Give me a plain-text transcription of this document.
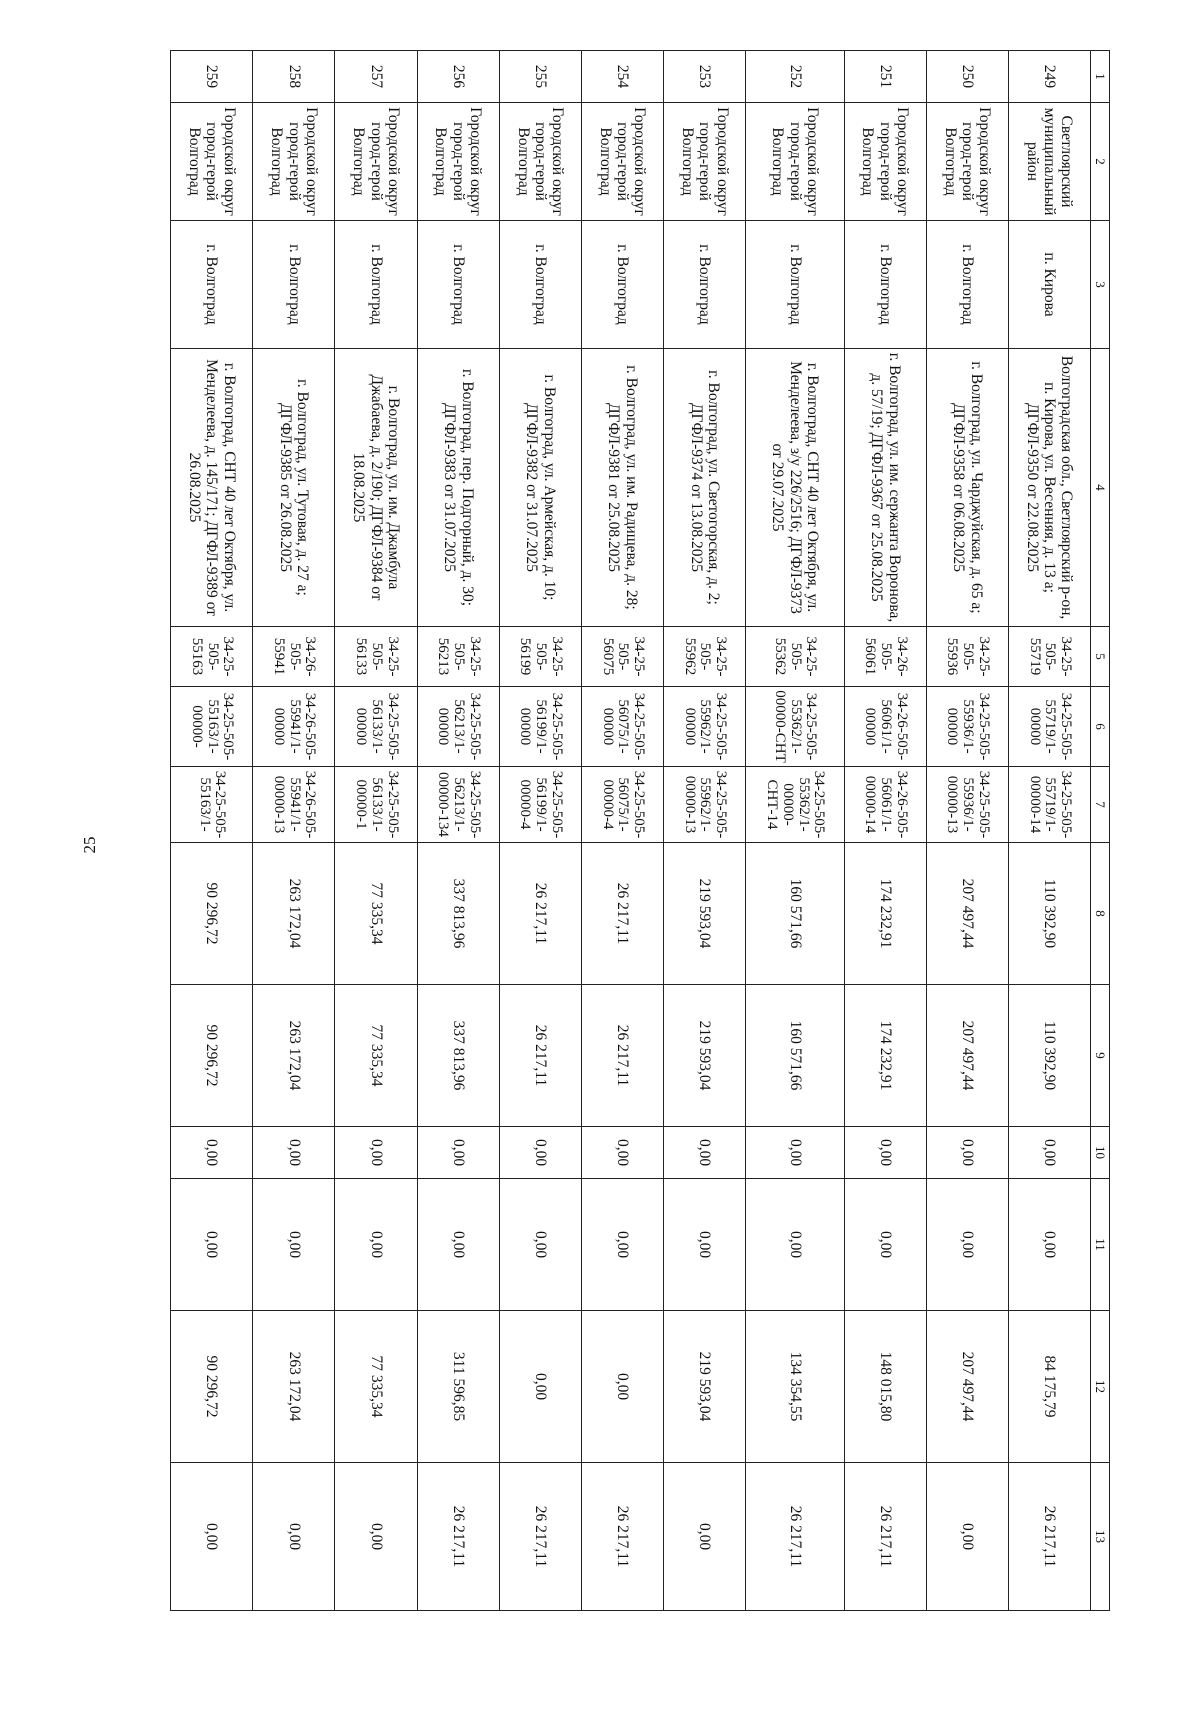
25
1	2	3	4	5	6	7	8	9	10	11	12	13
249	Светлоярский муниципальный район	п. Кирова	Волгоградская обл., Светлоярский р-он, п. Кирова, ул. Весенняя, д. 13 а; ДГФЛ-9350 от 22.08.2025	34-25-505-55719	34-25-505-55719/1-00000	34-25-505-55719/1-00000-14	110 392,90	110 392,90	0,00	0,00	84 175,79	26 217,11
250	Городской округ город-герой Волгоград	г. Волгоград	г. Волгоград, ул. Чарджуйская, д. 65 а; ДГФЛ-9358 от 06.08.2025	34-25-505-55936	34-25-505-55936/1-00000	34-25-505-55936/1-00000-13	207 497,44	207 497,44	0,00	0,00	207 497,44	0,00
251	Городской округ город-герой Волгоград	г. Волгоград	г. Волгоград, ул. им. сержанта Воронова, д. 57/19; ДГФЛ-9367 от 25.08.2025	34-26-505-56061	34-26-505-56061/1-00000	34-26-505-56061/1-00000-14	174 232,91	174 232,91	0,00	0,00	148 015,80	26 217,11
252	Городской округ город-герой Волгоград	г. Волгоград	г. Волгоград, СНТ 40 лет Октября, ул. Менделеева, з/у 226/2516; ДГФЛ-9373 от 29.07.2025	34-25-505-55362	34-25-505-55362/1-00000-СНТ	34-25-505-55362/1-00000-СНТ-14	160 571,66	160 571,66	0,00	0,00	134 354,55	26 217,11
253	Городской округ город-герой Волгоград	г. Волгоград	г. Волгоград, ул. Светогорская, д. 2; ДГФЛ-9374 от 13.08.2025	34-25-505-55962	34-25-505-55962/1-00000	34-25-505-55962/1-00000-13	219 593,04	219 593,04	0,00	0,00	219 593,04	0,00
254	Городской округ город-герой Волгоград	г. Волгоград	г. Волгоград, ул. им. Радищева, д. 28; ДГФЛ-9381 от 25.08.2025	34-25-505-56075	34-25-505-56075/1-00000	34-25-505-56075/1-00000-4	26 217,11	26 217,11	0,00	0,00	0,00	26 217,11
255	Городской округ город-герой Волгоград	г. Волгоград	г. Волгоград, ул. Армейская, д. 10; ДГФЛ-9382 от 31.07.2025	34-25-505-56199	34-25-505-56199/1-00000	34-25-505-56199/1-00000-4	26 217,11	26 217,11	0,00	0,00	0,00	26 217,11
256	Городской округ город-герой Волгоград	г. Волгоград	г. Волгоград, пер. Подгорный, д. 30; ДГФЛ-9383 от 31.07.2025	34-25-505-56213	34-25-505-56213/1-00000	34-25-505-56213/1-00000-134	337 813,96	337 813,96	0,00	0,00	311 596,85	26 217,11
257	Городской округ город-герой Волгоград	г. Волгоград	г. Волгоград, ул. им. Джамбула Джабаева, д. 2/190; ДГФЛ-9384 от 18.08.2025	34-25-505-56133	34-25-505-56133/1-00000	34-25-505-56133/1-00000-1	77 335,34	77 335,34	0,00	0,00	77 335,34	0,00
258	Городской округ город-герой Волгоград	г. Волгоград	г. Волгоград, ул. Тутовая, д. 27 а; ДГФЛ-9385 от 26.08.2025	34-26-505-55941	34-26-505-55941/1-00000	34-26-505-55941/1-00000-13	263 172,04	263 172,04	0,00	0,00	263 172,04	0,00
259	Городской округ город-герой Волгоград	г. Волгоград	г. Волгоград, СНТ 40 лет Октября, ул. Менделеева, д. 145/171; ДГФЛ-9389 от 26.08.2025	34-25-505-55163	34-25-505-55163/1-00000-	34-25-505-55163/1-	90 296,72	90 296,72	0,00	0,00	90 296,72	0,00
